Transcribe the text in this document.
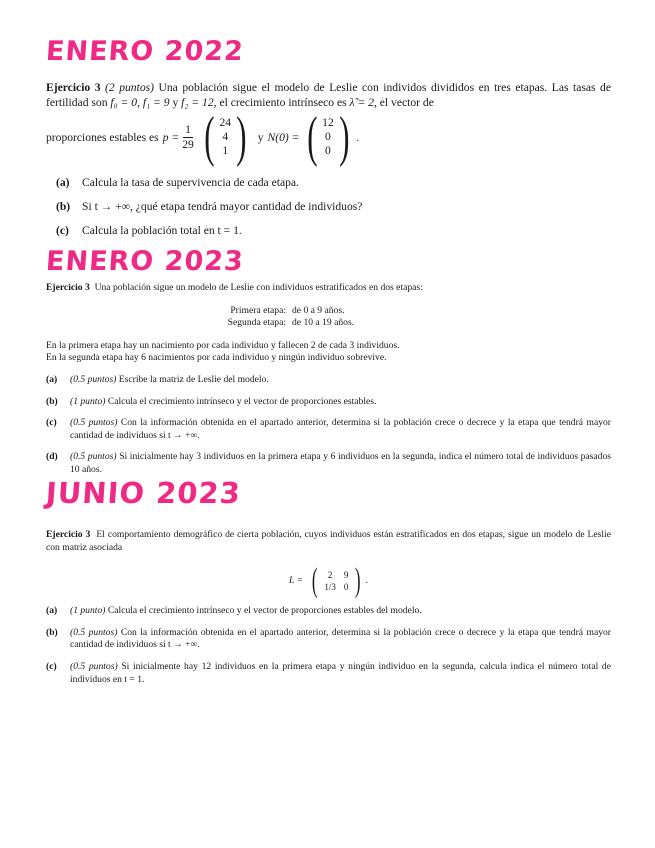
ENERO 2022

Ejercicio 3 (2 puntos) Una población sigue el modelo de Leslie con individos divididos en tres etapas. Las tasas de fertilidad son f₀ = 0, f₁ = 9 y f₂ = 12, el crecimiento intrínseco es λ̃ = 2, el vector de

proporciones estables es $p = \frac{1}{29}$ ( 24
4
1 ) y N(0) = ( 12
0
0 ) .
(a)	Calcula la tasa de supervivencia de cada etapa.
(b)	Si t → +∞, ¿qué etapa tendrá mayor cantidad de individuos?
(c)	Calcula la población total en t = 1.
ENERO 2023

Ejercicio 3 Una población sigue un modelo de Leslie con individuos estratificados en dos etapas:

Primera etapa: de 0 a 9 años.
Segunda etapa: de 10 a 19 años.

En la primera etapa hay un nacimiento por cada individuo y fallecen 2 de cada 3 individuos.

En la segunda etapa hay 6 nacimientos por cada individuo y ningún individuo sobrevive.

(a)	(0.5 puntos) Escribe la matriz de Leslie del modelo.
(b)	(1 punto) Calcula el crecimiento intrínseco y el vector de proporciones estables.
(c)	(0.5 puntos) Con la información obtenida en el apartado anterior, determina si la población crece o decrece y la etapa que tendrá mayor cantidad de individuos si t → +∞.
(d)	(0.5 puntos) Si inicialmente hay 3 individuos en la primera etapa y 6 individuos en la segunda, indica el número total de individuos pasados 10 años.
JUNIO 2023

Ejercicio 3 El comportamiento demográfico de cierta población, cuyos individuos están estratificados en dos etapas, sigue un modelo de Leslie con matriz asociada

L = ( 2	9
1/3	0 ) .
(a)	(1 punto) Calcula el crecimiento intrínseco y el vector de proporciones estables del modelo.
(b)	(0.5 puntos) Con la información obtenida en el apartado anterior, determina si la población crece o decrece y la etapa que tendrá mayor cantidad de individuos si t → +∞.
(c)	(0.5 puntos) Si inicialmente hay 12 individuos en la primera etapa y ningún individuo en la segunda, calcula indica el número total de individuos en t = 1.
